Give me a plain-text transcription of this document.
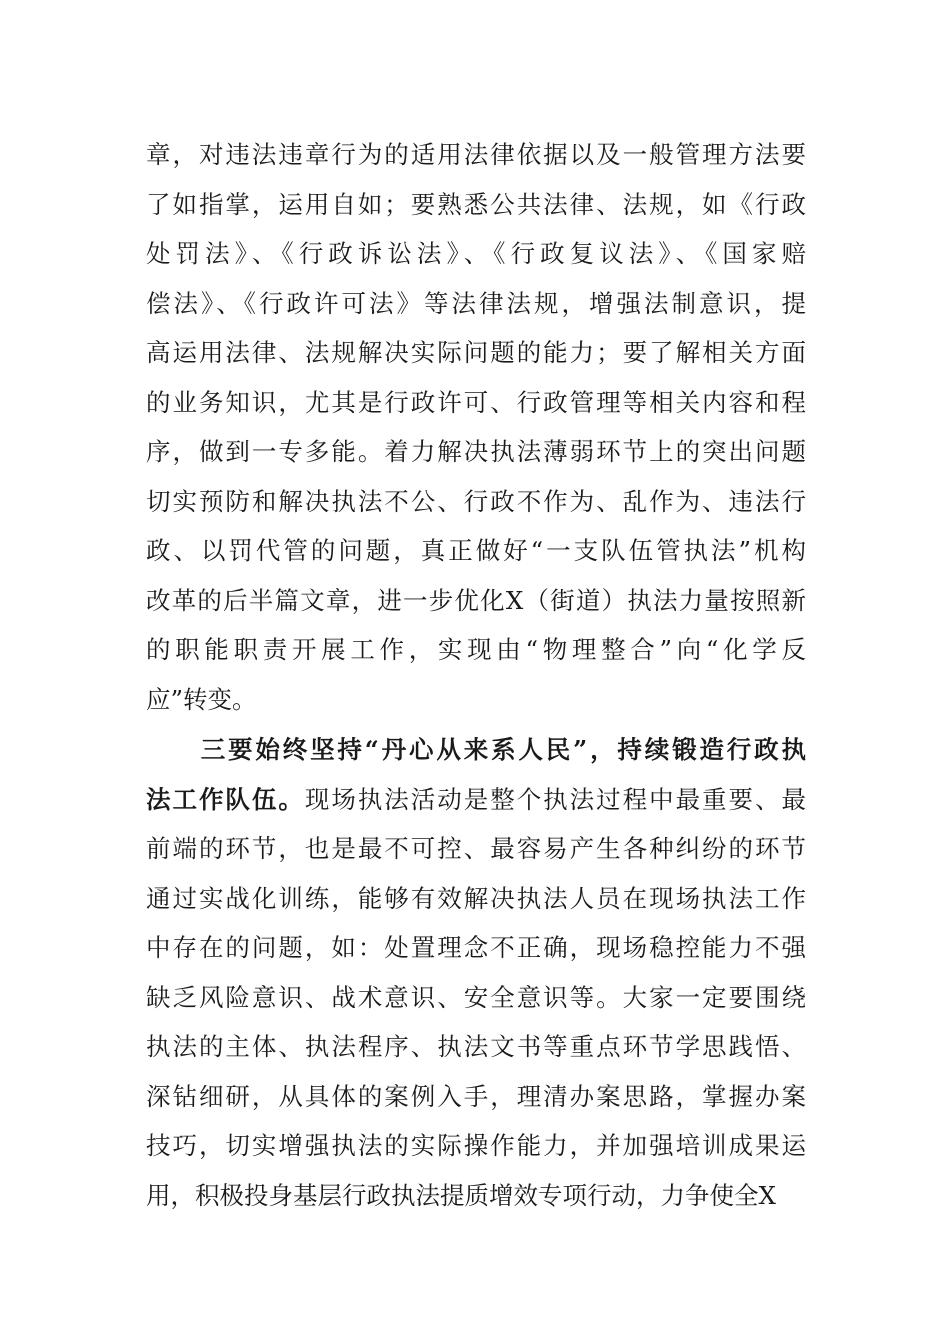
章，对违法违章行为的适用法律依据以及一般管理方法要
了如指掌，运用自如；要熟悉公共法律、法规，如《行政
处罚法》、《行政诉讼法》、《行政复议法》、《国家赔
偿法》、《行政许可法》等法律法规，增强法制意识，提
高运用法律、法规解决实际问题的能力；要了解相关方面
的业务知识，尤其是行政许可、行政管理等相关内容和程
序，做到一专多能。着力解决执法薄弱环节上的突出问题
切实预防和解决执法不公、行政不作为、乱作为、违法行
政、以罚代管的问题，真正做好“一支队伍管执法”机构
改革的后半篇文章，进一步优化X（街道）执法力量按照新
的职能职责开展工作，实现由“物理整合”向“化学反
应”转变。
　　三要始终坚持“丹心从来系人民”，持续锻造行政执
法工作队伍。现场执法活动是整个执法过程中最重要、最
前端的环节，也是最不可控、最容易产生各种纠纷的环节
通过实战化训练，能够有效解决执法人员在现场执法工作
中存在的问题，如：处置理念不正确，现场稳控能力不强
缺乏风险意识、战术意识、安全意识等。大家一定要围绕
执法的主体、执法程序、执法文书等重点环节学思践悟、
深钻细研，从具体的案例入手，理清办案思路，掌握办案
技巧，切实增强执法的实际操作能力，并加强培训成果运
用，积极投身基层行政执法提质增效专项行动，力争使全X
